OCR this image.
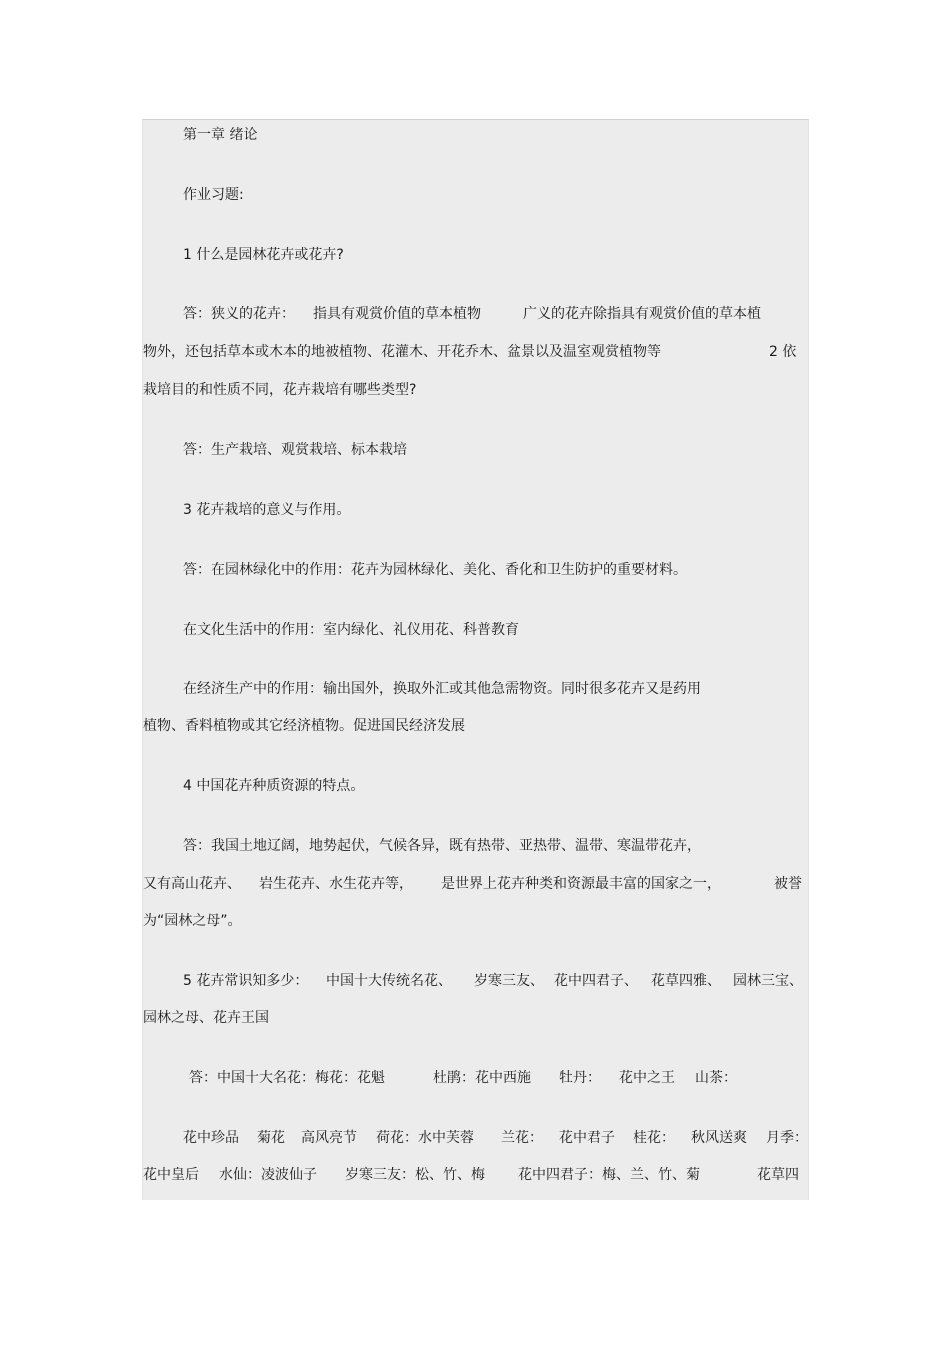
第一章 绪论
作业习题:
1 什么是园林花卉或花卉?
答：狭义的花卉： 指具有观赏价值的草本植物	广义的花卉除指具有观赏价值的草本植
物外，还包括草本或木本的地被植物、花灌木、开花乔木、盆景以及温室观赏植物等	2 依
栽培目的和性质不同，花卉栽培有哪些类型?
答：生产栽培、观赏栽培、标本栽培
3 花卉栽培的意义与作用。
答：在园林绿化中的作用：花卉为园林绿化、美化、香化和卫生防护的重要材料。
在文化生活中的作用：室内绿化、礼仪用花、科普教育
在经济生产中的作用：输出国外，换取外汇或其他急需物资。同时很多花卉又是药用
植物、香料植物或其它经济植物。促进国民经济发展
4 中国花卉种质资源的特点。
答：我国土地辽阔，地势起伏，气候各异，既有热带、亚热带、温带、寒温带花卉，
又有高山花卉、 岩生花卉、水生花卉等， 是世界上花卉种类和资源最丰富的国家之一，	被誉
为“园林之母”。
5 花卉常识知多少： 中国十大传统名花、 岁寒三友、 花中四君子、 花草四雅、 园林三宝、
园林之母、花卉王国
答：中国十大名花：梅花：花魁	杜鹃：花中西施 牡丹： 花中之王 山茶：
花中珍品 菊花 高风亮节 荷花：水中芙蓉 兰花： 花中君子 桂花： 秋风送爽 月季：
花中皇后 水仙：凌波仙子 岁寒三友：松、竹、梅 花中四君子：梅、兰、竹、菊	花草四
